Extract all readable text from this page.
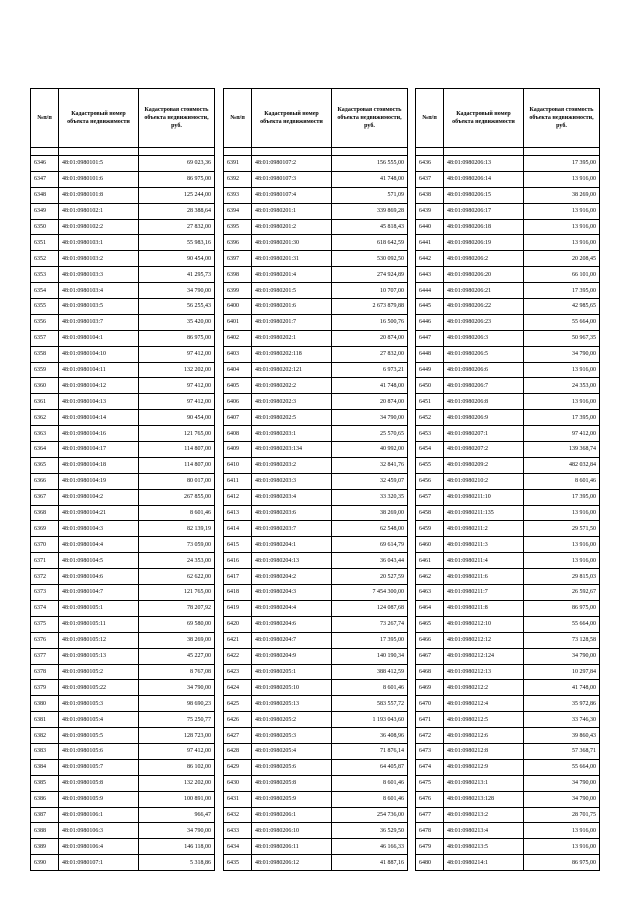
№п/п	Кадастровый номер объекта недвижимости	Кадастровая стоимость объекта недвижимости, руб.

6346	48:01:0980101:5	69 023,36
6347	48:01:0980101:6	86 975,00
6348	48:01:0980101:8	125 244,00
6349	48:01:0980102:1	28 388,64
6350	48:01:0980102:2	27 832,00
6351	48:01:0980103:1	55 983,16
6352	48:01:0980103:2	90 454,00
6353	48:01:0980103:3	41 295,73
6354	48:01:0980103:4	34 790,00
6355	48:01:0980103:5	56 255,43
6356	48:01:0980103:7	35 420,00
6357	48:01:0980104:1	86 975,00
6358	48:01:0980104:10	97 412,00
6359	48:01:0980104:11	132 202,00
6360	48:01:0980104:12	97 412,00
6361	48:01:0980104:13	97 412,00
6362	48:01:0980104:14	90 454,00
6363	48:01:0980104:16	121 765,00
6364	48:01:0980104:17	114 807,00
6365	48:01:0980104:18	114 807,00
6366	48:01:0980104:19	80 017,00
6367	48:01:0980104:2	267 855,00
6368	48:01:0980104:21	8 601,46
6369	48:01:0980104:3	82 139,19
6370	48:01:0980104:4	73 059,00
6371	48:01:0980104:5	24 353,00
6372	48:01:0980104:6	62 622,00
6373	48:01:0980104:7	121 765,00
6374	48:01:0980105:1	78 207,92
6375	48:01:0980105:11	69 580,00
6376	48:01:0980105:12	38 269,00
6377	48:01:0980105:13	45 227,00
6378	48:01:0980105:2	8 767,08
6379	48:01:0980105:22	34 790,00
6380	48:01:0980105:3	98 690,23
6381	48:01:0980105:4	75 250,77
6382	48:01:0980105:5	128 723,00
6383	48:01:0980105:6	97 412,00
6384	48:01:0980105:7	86 102,00
6385	48:01:0980105:8	132 202,00
6386	48:01:0980105:9	100 891,00
6387	48:01:0980106:1	966,47
6388	48:01:0980106:3	34 790,00
6389	48:01:0980106:4	146 118,00
6390	48:01:0980107:1	5 318,86
№п/п	Кадастровый номер объекта недвижимости	Кадастровая стоимость объекта недвижимости, руб.

6391	48:01:0980107:2	156 555,00
6392	48:01:0980107:3	41 748,00
6393	48:01:0980107:4	571,09
6394	48:01:0980201:1	339 869,28
6395	48:01:0980201:2	45 818,43
6396	48:01:0980201:30	618 642,59
6397	48:01:0980201:31	530 092,50
6398	48:01:0980201:4	274 924,89
6399	48:01:0980201:5	10 707,00
6400	48:01:0980201:6	2 673 879,88
6401	48:01:0980201:7	16 500,76
6402	48:01:0980202:1	20 874,00
6403	48:01:0980202:118	27 832,00
6404	48:01:0980202:121	6 973,21
6405	48:01:0980202:2	41 748,00
6406	48:01:0980202:3	20 874,00
6407	48:01:0980202:5	34 790,00
6408	48:01:0980203:1	25 570,65
6409	48:01:0980203:134	40 992,00
6410	48:01:0980203:2	32 841,76
6411	48:01:0980203:3	32 459,07
6412	48:01:0980203:4	33 320,35
6413	48:01:0980203:6	38 269,00
6414	48:01:0980203:7	62 548,00
6415	48:01:0980204:1	69 614,79
6416	48:01:0980204:13	36 043,44
6417	48:01:0980204:2	20 527,59
6418	48:01:0980204:3	7 454 300,00
6419	48:01:0980204:4	124 087,68
6420	48:01:0980204:6	73 267,74
6421	48:01:0980204:7	17 395,00
6422	48:01:0980204:9	140 190,34
6423	48:01:0980205:1	388 412,59
6424	48:01:0980205:10	8 601,46
6425	48:01:0980205:13	583 557,72
6426	48:01:0980205:2	1 193 043,60
6427	48:01:0980205:3	36 408,96
6428	48:01:0980205:4	71 876,14
6429	48:01:0980205:6	64 405,87
6430	48:01:0980205:8	8 601,46
6431	48:01:0980205:9	8 601,46
6432	48:01:0980206:1	254 736,00
6433	48:01:0980206:10	36 529,50
6434	48:01:0980206:11	46 166,33
6435	48:01:0980206:12	41 887,16
№п/п	Кадастровый номер объекта недвижимости	Кадастровая стоимость объекта недвижимости, руб.

6436	48:01:0980206:13	17 395,00
6437	48:01:0980206:14	13 916,00
6438	48:01:0980206:15	38 269,00
6439	48:01:0980206:17	13 916,00
6440	48:01:0980206:18	13 916,00
6441	48:01:0980206:19	13 916,00
6442	48:01:0980206:2	20 208,45
6443	48:01:0980206:20	66 101,00
6444	48:01:0980206:21	17 395,00
6445	48:01:0980206:22	42 985,65
6446	48:01:0980206:23	55 664,00
6447	48:01:0980206:3	50 967,35
6448	48:01:0980206:5	34 790,00
6449	48:01:0980206:6	13 916,00
6450	48:01:0980206:7	24 353,00
6451	48:01:0980206:8	13 916,00
6452	48:01:0980206:9	17 395,00
6453	48:01:0980207:1	97 412,00
6454	48:01:0980207:2	139 368,74
6455	48:01:0980209:2	482 032,84
6456	48:01:0980210:2	8 601,46
6457	48:01:0980211:10	17 395,00
6458	48:01:0980211:135	13 916,00
6459	48:01:0980211:2	29 571,50
6460	48:01:0980211:3	13 916,00
6461	48:01:0980211:4	13 916,00
6462	48:01:0980211:6	29 815,03
6463	48:01:0980211:7	26 592,67
6464	48:01:0980211:8	86 975,00
6465	48:01:0980212:10	55 664,00
6466	48:01:0980212:12	73 128,58
6467	48:01:0980212:124	34 790,00
6468	48:01:0980212:13	10 297,84
6469	48:01:0980212:2	41 748,00
6470	48:01:0980212:4	35 972,86
6471	48:01:0980212:5	33 746,30
6472	48:01:0980212:6	39 860,43
6473	48:01:0980212:8	57 368,71
6474	48:01:0980212:9	55 664,00
6475	48:01:0980213:1	34 790,00
6476	48:01:0980213:128	34 790,00
6477	48:01:0980213:2	28 701,75
6478	48:01:0980213:4	13 916,00
6479	48:01:0980213:5	13 916,00
6480	48:01:0980214:1	86 975,00
